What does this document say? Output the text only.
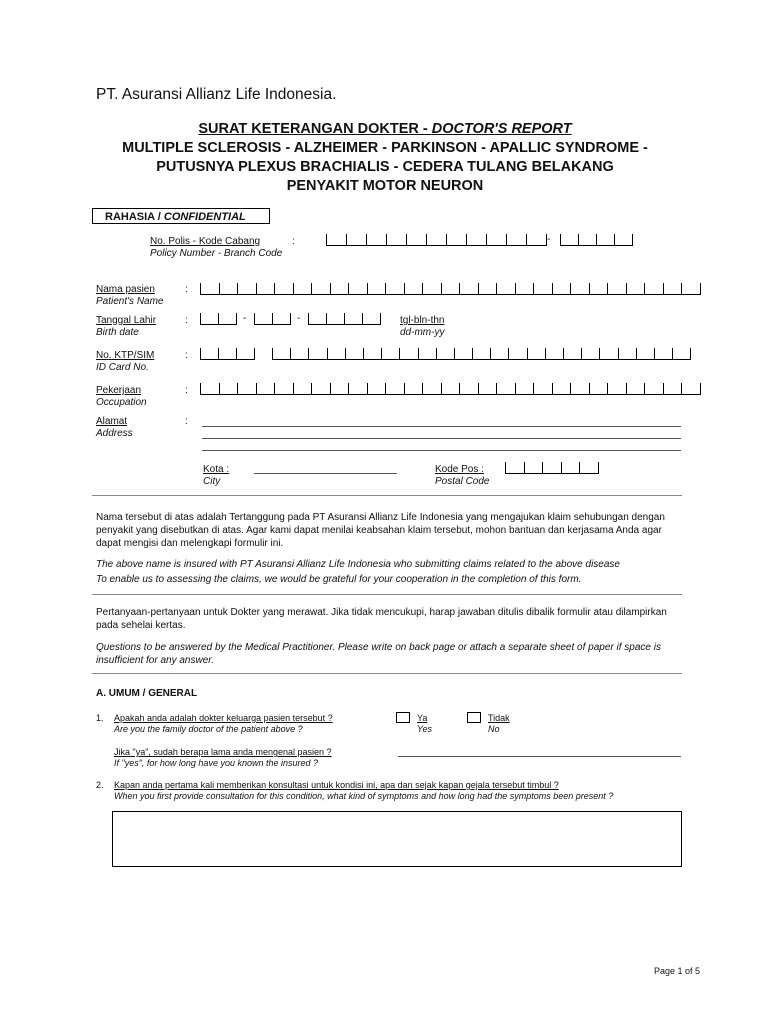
PT. Asuransi Allianz Life Indonesia.
SURAT KETERANGAN DOKTER - DOCTOR'S REPORT
MULTIPLE SCLEROSIS - ALZHEIMER - PARKINSON - APALLIC SYNDROME -
PUTUSNYA PLEXUS BRACHIALIS - CEDERA TULANG BELAKANG
PENYAKIT MOTOR NEURON
RAHASIA / CONFIDENTIAL
No. Polis - Kode Cabang
Policy Number - Branch Code
:	-
Nama pasien
Patient's Name
:
Tanggal Lahir
Birth date
:	-	-	tgl-bln-thn
dd-mm-yy
No. KTP/SIM
ID Card No.
:
Pekerjaan
Occupation
:
Alamat
Address
:
Kota :
City
Kode Pos :
Postal Code
Nama tersebut di atas adalah Tertanggung pada PT Asuransi Allianz Life Indonesia yang mengajukan klaim sehubungan dengan penyakit yang disebutkan di atas. Agar kami dapat menilai keabsahan klaim tersebut, mohon bantuan dan kerjasama Anda agar dapat mengisi dan melengkapi formulir ini.
The above name is insured with PT Asuransi Allianz Life Indonesia who submitting claims related to the above disease
To enable us to assessing the claims, we would be grateful for your cooperation in the completion of this form.
Pertanyaan-pertanyaan untuk Dokter yang merawat. Jika tidak mencukupi, harap jawaban ditulis dibalik formulir atau dilampirkan pada sehelai kertas.
Questions to be answered by the Medical Practitioner. Please write on back page or attach a separate sheet of paper if space is insufficient for any answer.
A. UMUM / GENERAL
1. Apakah anda adalah dokter keluarga pasien tersebut ?
Are you the family doctor of the patient above ?
Ya
Yes
Tidak
No
Jika "ya", sudah berapa lama anda mengenal pasien ?
If "yes", for how long have you known the insured ?
2. Kapan anda pertama kali memberikan konsultasi untuk kondisi ini, apa dan sejak kapan gejala tersebut timbul ?
When you first provide consultation for this condition, what kind of symptoms and how long had the symptoms been present ?
Page 1 of 5
